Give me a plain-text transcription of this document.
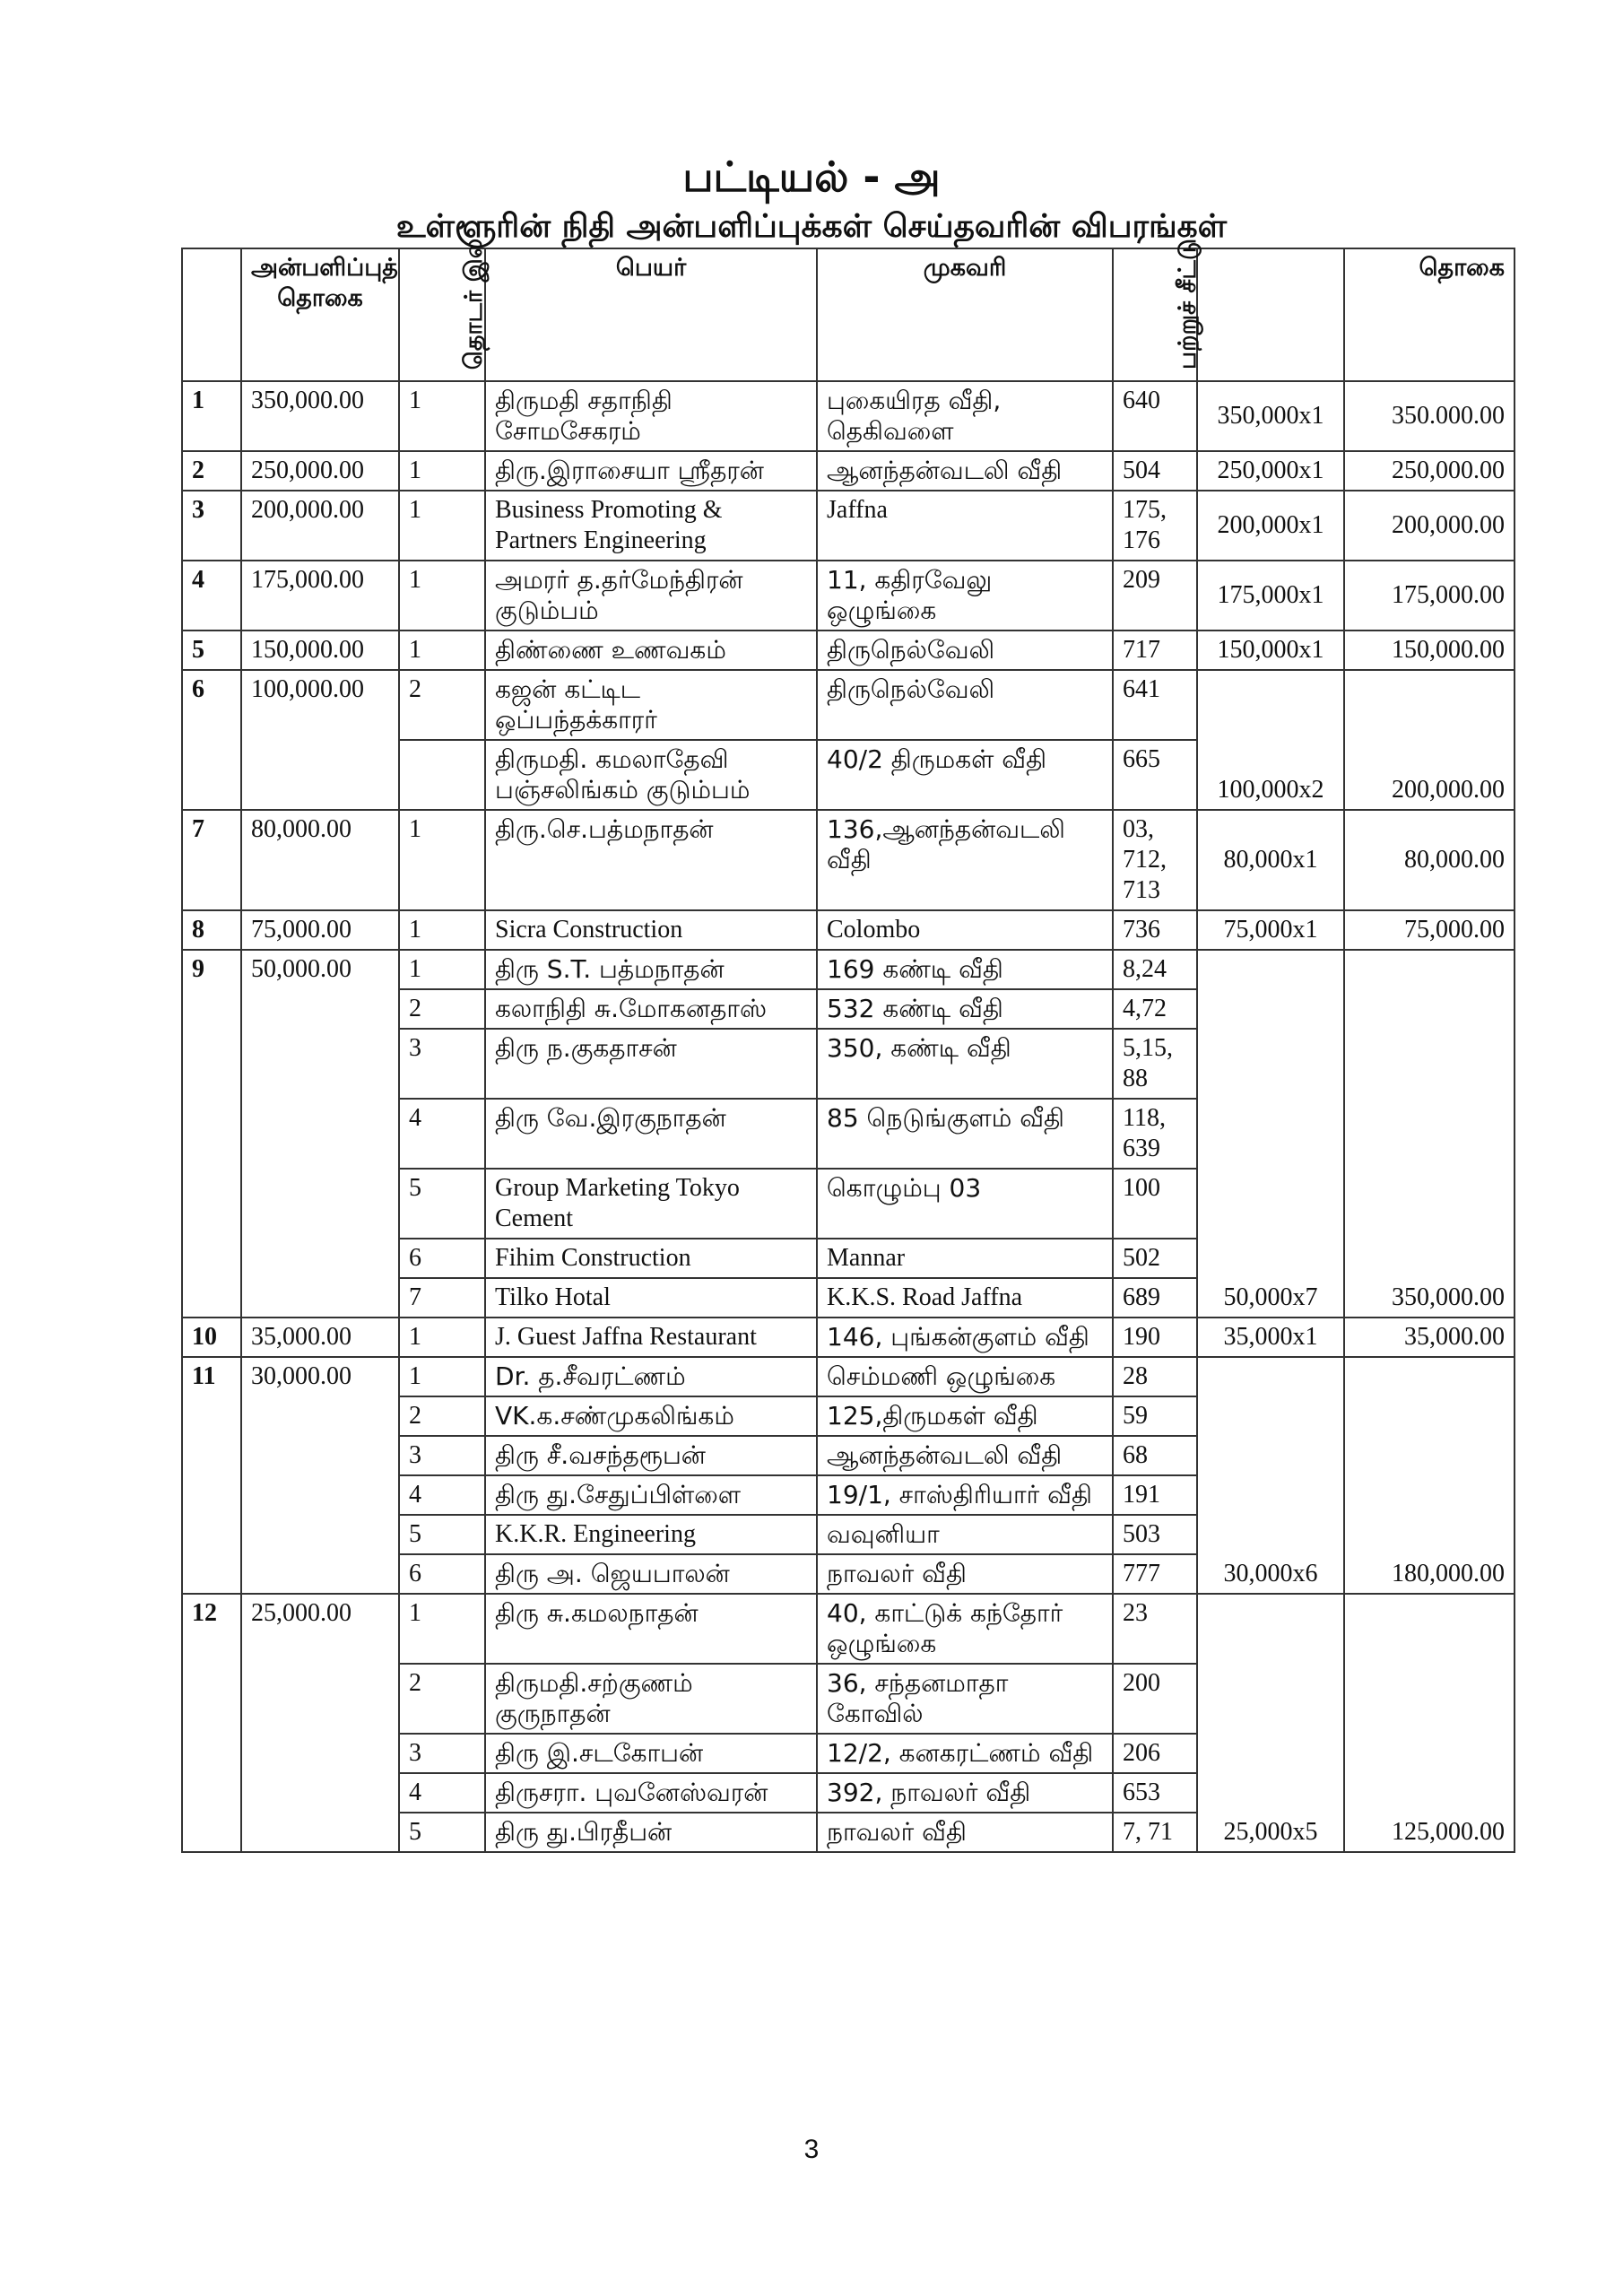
பட்டியல் - அ
உள்ளூரின் நிதி அன்பளிப்புக்கள் செய்தவரின் விபரங்கள்
	அன்பளிப்புத் தொகை	தொடர் இல	பெயர்	முகவரி	பற்றுச் சீட்டு		தொகை
1	350,000.00	1	திருமதி சதாநிதி சோமசேகரம்	புகையிரத வீதி, தெகிவளை	640	350,000x1	350.000.00
2	250,000.00	1	திரு.இராசையா ஸ்ரீதரன்	ஆனந்தன்வடலி வீதி	504	250,000x1	250,000.00
3	200,000.00	1	Business Promoting & Partners Engineering	Jaffna	175, 176	200,000x1	200,000.00
4	175,000.00	1	அமரர் த.தர்மேந்திரன் குடும்பம்	11, கதிரவேலு ஒழுங்கை	209	175,000x1	175,000.00
5	150,000.00	1	திண்ணை உணவகம்	திருநெல்வேலி	717	150,000x1	150,000.00
6	100,000.00	2	கஜன் கட்டிட ஒப்பந்தக்காரர்	திருநெல்வேலி	641	100,000x2	200,000.00
			திருமதி. கமலாதேவி பஞ்சலிங்கம் குடும்பம்	40/2 திருமகள் வீதி	665		
7	80,000.00	1	திரு.செ.பத்மநாதன்	136,ஆனந்தன்வடலி வீதி	03, 712, 713	80,000x1	80,000.00
8	75,000.00	1	Sicra Construction	Colombo	736	75,000x1	75,000.00
9	50,000.00	1	திரு S.T. பத்மநாதன்	169 கண்டி வீதி	8,24	50,000x7	350,000.00
		2	கலாநிதி சு.மோகனதாஸ்	532 கண்டி வீதி	4,72		
		3	திரு ந.குகதாசன்	350, கண்டி வீதி	5,15, 88		
		4	திரு வே.இரகுநாதன்	85 நெடுங்குளம் வீதி	118, 639		
		5	Group Marketing Tokyo Cement	கொழும்பு 03	100		
		6	Fihim Construction	Mannar	502		
		7	Tilko Hotal	K.K.S. Road Jaffna	689		
10	35,000.00	1	J. Guest Jaffna Restaurant	146, புங்கன்குளம் வீதி	190	35,000x1	35,000.00
11	30,000.00	1	Dr. த.சீவரட்ணம்	செம்மணி ஒழுங்கை	28	30,000x6	180,000.00
		2	VK.க.சண்முகலிங்கம்	125,திருமகள் வீதி	59		
		3	திரு சீ.வசந்தரூபன்	ஆனந்தன்வடலி வீதி	68		
		4	திரு து.சேதுப்பிள்ளை	19/1, சாஸ்திரியார் வீதி	191		
		5	K.K.R. Engineering	வவுனியா	503		
		6	திரு அ. ஜெயபாலன்	நாவலர் வீதி	777		
12	25,000.00	1	திரு சு.கமலநாதன்	40, காட்டுக் கந்தோர் ஒழுங்கை	23	25,000x5	125,000.00
		2	திருமதி.சற்குணம் குருநாதன்	36, சந்தனமாதா கோவில்	200		
		3	திரு இ.சடகோபன்	12/2, கனகரட்ணம் வீதி	206		
		4	திருசரா. புவனேஸ்வரன்	392, நாவலர் வீதி	653		
		5	திரு து.பிரதீபன்	நாவலர் வீதி	7, 71		
3
